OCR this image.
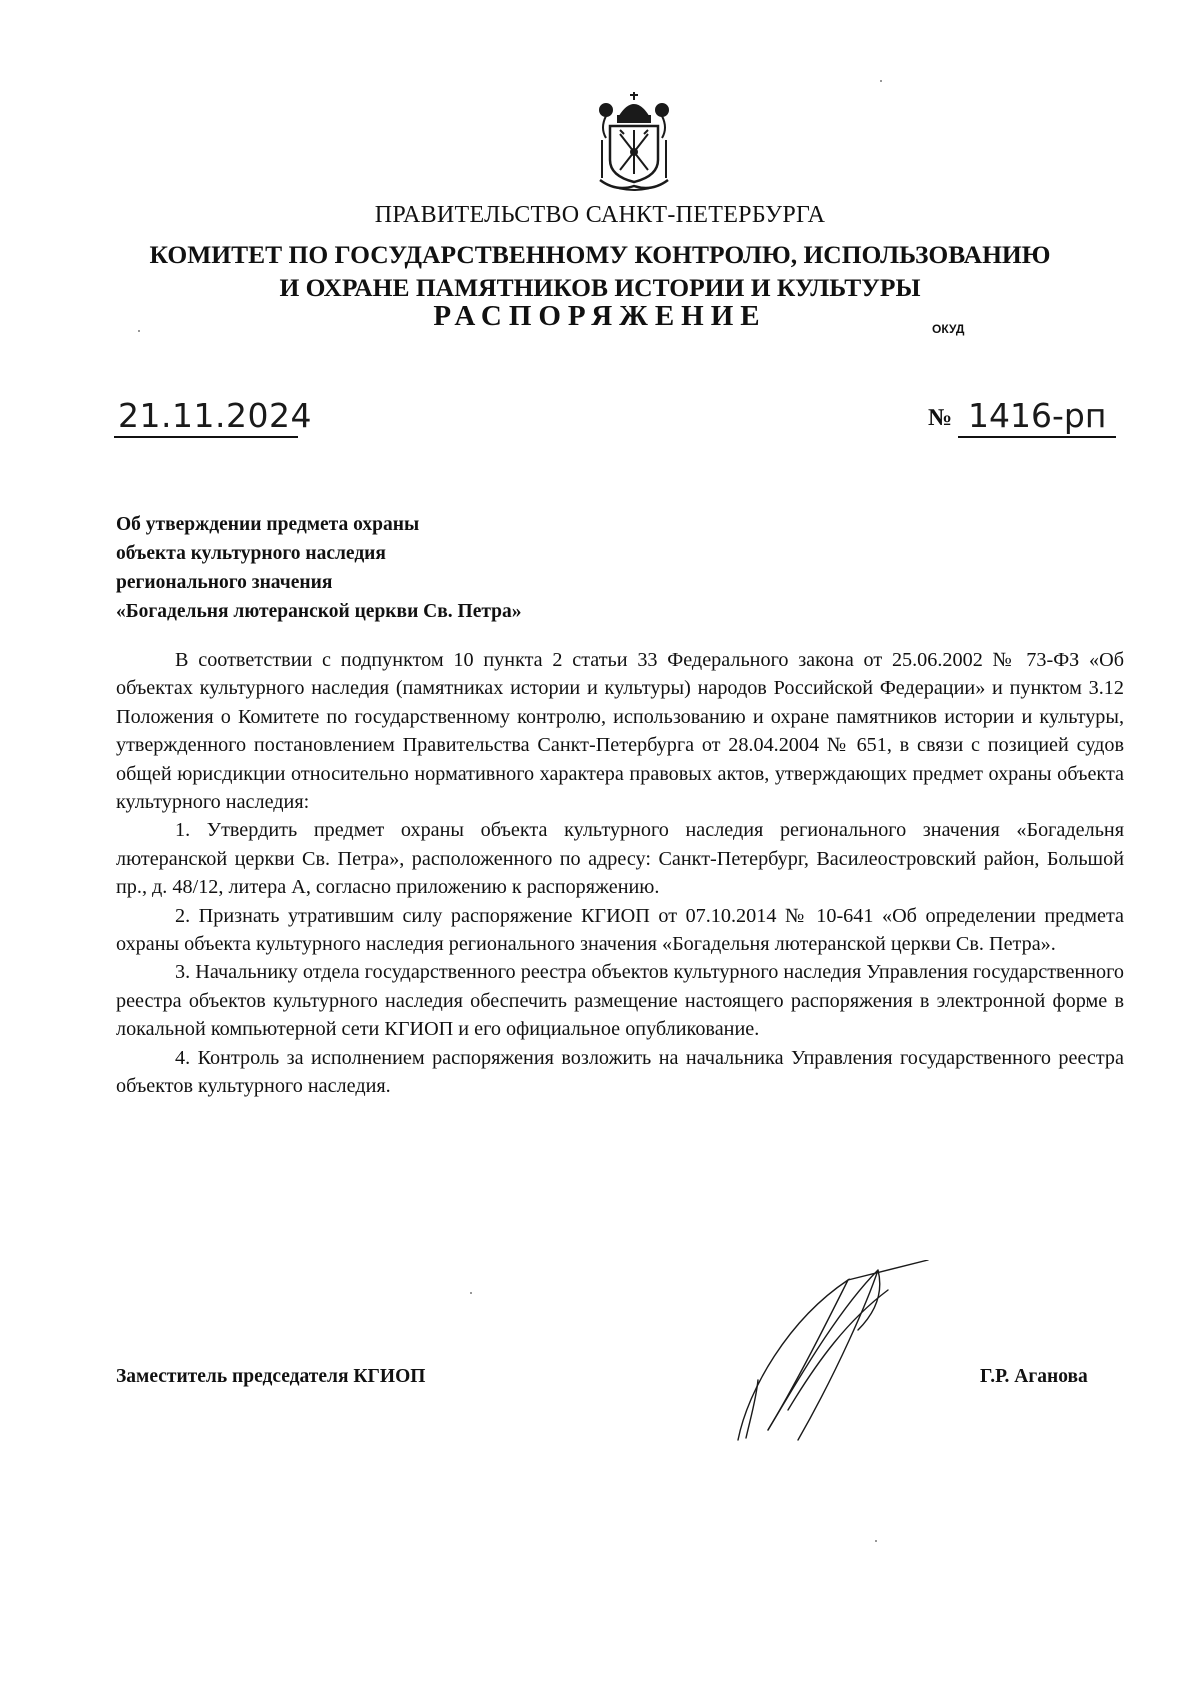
ПРАВИТЕЛЬСТВО САНКТ-ПЕТЕРБУРГА
КОМИТЕТ ПО ГОСУДАРСТВЕННОМУ КОНТРОЛЮ, ИСПОЛЬЗОВАНИЮ
И ОХРАНЕ ПАМЯТНИКОВ ИСТОРИИ И КУЛЬТУРЫ
РАСПОРЯЖЕНИЕ	ОКУД
21.11.2024	№ 1416-рп
Об утверждении предмета охраны
объекта культурного наследия
регионального значения
«Богадельня лютеранской церкви Св. Петра»

В соответствии с подпунктом 10 пункта 2 статьи 33 Федерального закона от 25.06.2002 № 73-ФЗ «Об объектах культурного наследия (памятниках истории и культуры) народов Российской Федерации» и пунктом 3.12 Положения о Комитете по государственному контролю, использованию и охране памятников истории и культуры, утвержденного постановлением Правительства Санкт-Петербурга от 28.04.2004 № 651, в связи с позицией судов общей юрисдикции относительно нормативного характера правовых актов, утверждающих предмет охраны объекта культурного наследия:

1. Утвердить предмет охраны объекта культурного наследия регионального значения «Богадельня лютеранской церкви Св. Петра», расположенного по адресу: Санкт-Петербург, Василеостровский район, Большой пр., д. 48/12, литера А, согласно приложению к распоряжению.

2. Признать утратившим силу распоряжение КГИОП от 07.10.2014 № 10-641 «Об определении предмета охраны объекта культурного наследия регионального значения «Богадельня лютеранской церкви Св. Петра».

3. Начальнику отдела государственного реестра объектов культурного наследия Управления государственного реестра объектов культурного наследия обеспечить размещение настоящего распоряжения в электронной форме в локальной компьютерной сети КГИОП и его официальное опубликование.

4. Контроль за исполнением распоряжения возложить на начальника Управления государственного реестра объектов культурного наследия.

Заместитель председателя КГИОП	Г.Р. Аганова
